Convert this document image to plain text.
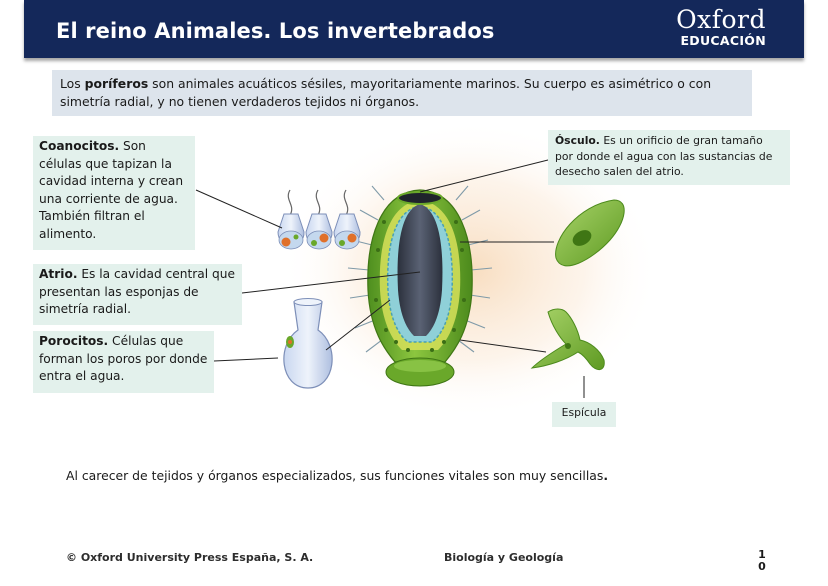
El reino Animales. Los invertebrados	Oxford
EDUCACIÓN
Los poríferos son animales acuáticos sésiles, mayoritariamente marinos. Su cuerpo es asimétrico o con simetría radial, y no tienen verdaderos tejidos ni órganos.
Coanocitos. Son células que tapizan la cavidad interna y crean una corriente de agua. También filtran el alimento.
Atrio. Es la cavidad central que presentan las esponjas de simetría radial.
Porocitos. Células que forman los poros por donde entra el agua.
Ósculo. Es un orificio de gran tamaño por donde el agua con las sustancias de desecho salen del atrio.
Espícula
Al carecer de tejidos y órganos especializados, sus funciones vitales son muy sencillas.
© Oxford University Press España, S. A.	Biología y Geología	1
0
